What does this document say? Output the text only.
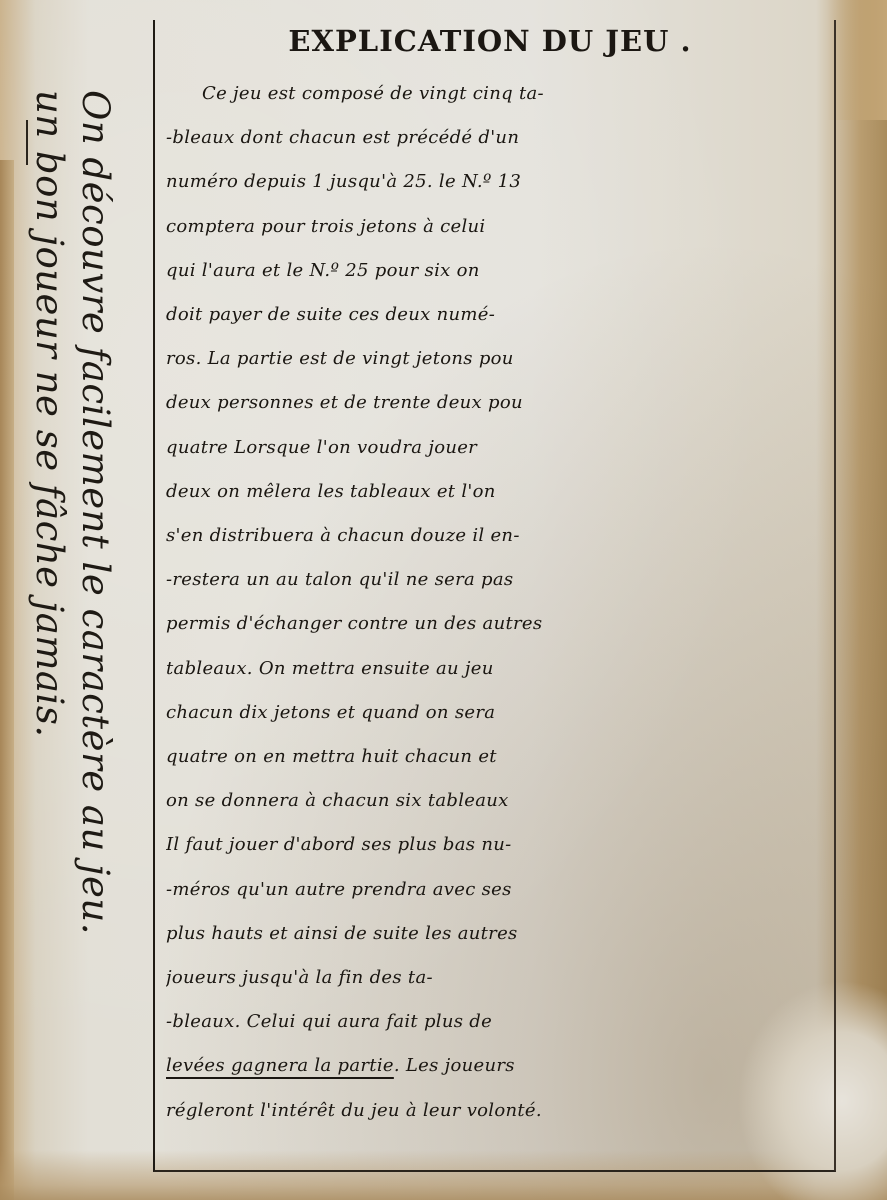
On découvre facilement le caractère au jeu.
un bon joueur ne se fâche jamais.
EXPLICATION DU JEU .
Ce jeu est composé de vingt cinq ta-
-bleaux dont chacun est précédé d'un
numéro depuis 1 jusqu'à 25. le N.º 13
comptera pour trois jetons à celui
qui l'aura et le N.º 25 pour six on
doit payer de suite ces deux numé-
ros. La partie est de vingt jetons pou
deux personnes et de trente deux pou
quatre Lorsque l'on voudra jouer
deux on mêlera les tableaux et l'on
s'en distribuera à chacun douze il en-
-restera un au talon qu'il ne sera pas
permis d'échanger contre un des autres
tableaux. On mettra ensuite au jeu
chacun dix jetons et quand on sera
quatre on en mettra huit chacun et
on se donnera à chacun six tableaux
Il faut jouer d'abord ses plus bas nu-
-méros qu'un autre prendra avec ses
plus hauts et ainsi de suite les autres
joueurs jusqu'à la fin des ta-
-bleaux. Celui qui aura fait plus de
levées gagnera la partie. Les joueurs
régleront l'intérêt du jeu à leur volonté.
